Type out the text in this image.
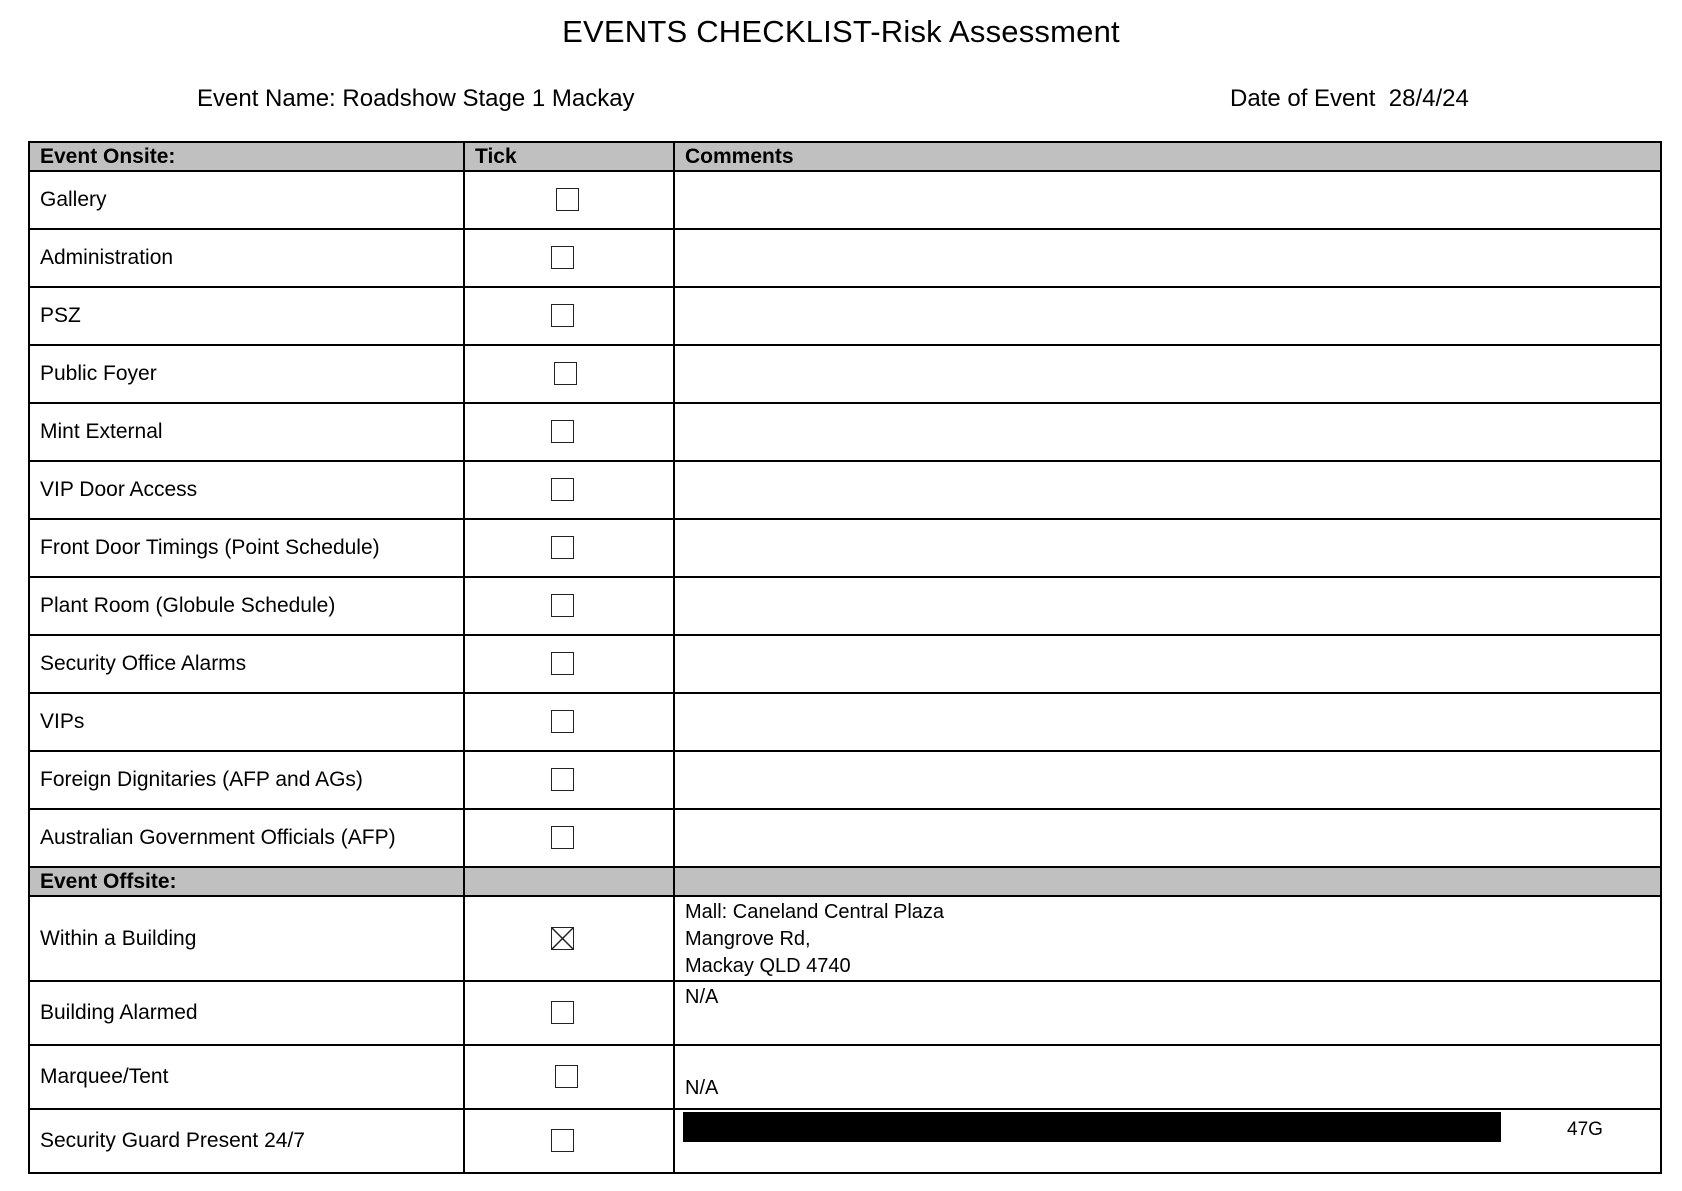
EVENTS CHECKLIST-Risk Assessment
Event Name: Roadshow Stage 1 Mackay	Date of Event  28/4/24
Event Onsite:	Tick	Comments
Gallery	

Administration	

PSZ	

Public Foyer	

Mint External	

VIP Door Access	

Front Door Timings (Point Schedule)	

Plant Room (Globule Schedule)	

Security Office Alarms	

VIPs	

Foreign Dignitaries (AFP and AGs)	

Australian Government Officials (AFP)	

Event Offsite:		
Within a Building		Mall: Caneland Central Plaza
Mangrove Rd,
Mackay QLD 4740

Building Alarmed		N/A

Marquee/Tent		N/A

Security Guard Present 24/7		47G
